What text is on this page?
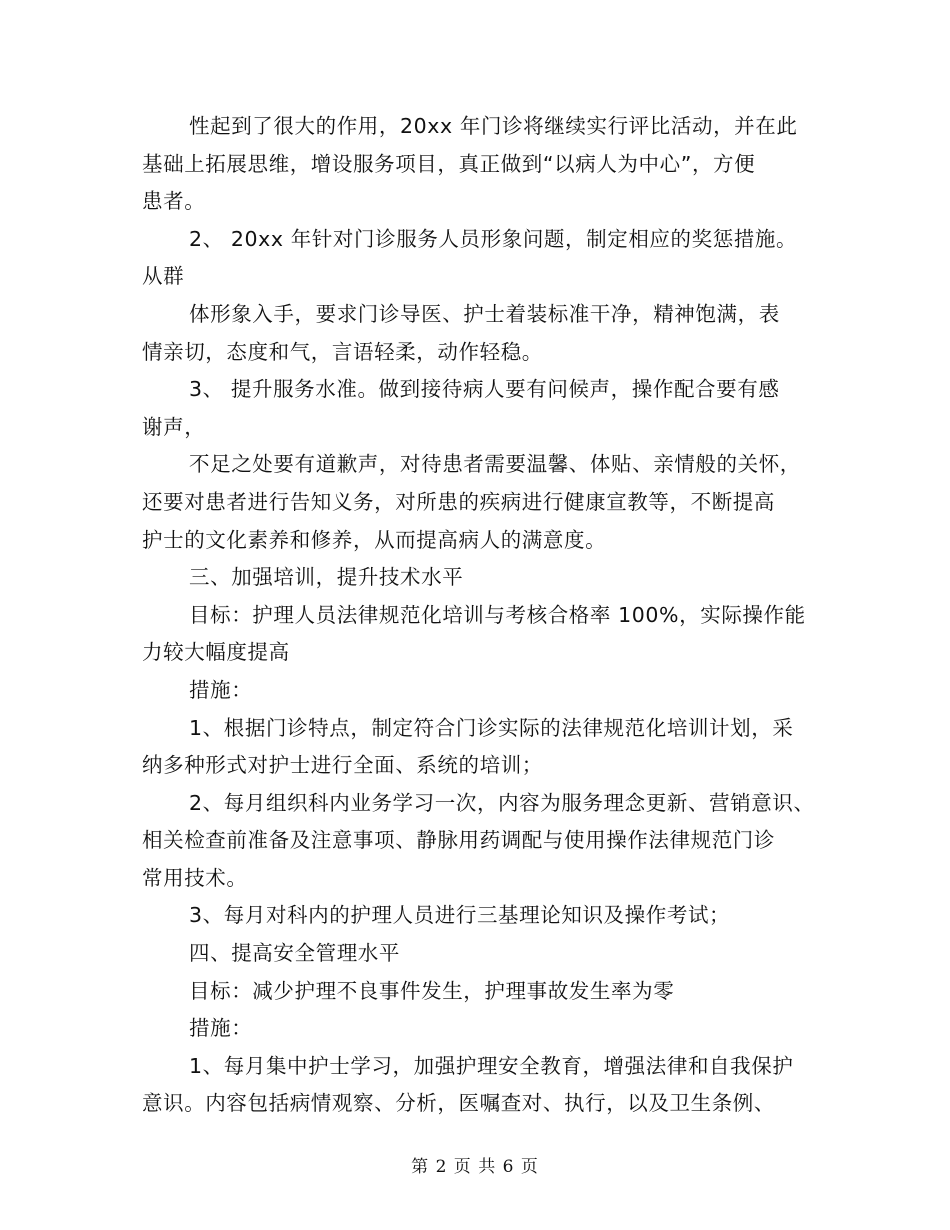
性起到了很大的作用，20xx 年门诊将继续实行评比活动，并在此
基础上拓展思维，增设服务项目，真正做到“以病人为中心”，方便
患者。
2、 20xx 年针对门诊服务人员形象问题，制定相应的奖惩措施。
从群
体形象入手，要求门诊导医、护士着装标准干净，精神饱满，表
情亲切，态度和气，言语轻柔，动作轻稳。
3、 提升服务水准。做到接待病人要有问候声，操作配合要有感
谢声，
不足之处要有道歉声，对待患者需要温馨、体贴、亲情般的关怀，
还要对患者进行告知义务，对所患的疾病进行健康宣教等，不断提高
护士的文化素养和修养，从而提高病人的满意度。
三、加强培训，提升技术水平
目标：护理人员法律规范化培训与考核合格率 100%，实际操作能
力较大幅度提高
措施：
1、根据门诊特点，制定符合门诊实际的法律规范化培训计划，采
纳多种形式对护士进行全面、系统的培训；
2、每月组织科内业务学习一次，内容为服务理念更新、营销意识、
相关检查前准备及注意事项、静脉用药调配与使用操作法律规范门诊
常用技术。
3、每月对科内的护理人员进行三基理论知识及操作考试；
四、提高安全管理水平
目标：减少护理不良事件发生，护理事故发生率为零
措施：
1、每月集中护士学习，加强护理安全教育，增强法律和自我保护
意识。内容包括病情观察、分析，医嘱查对、执行，以及卫生条例、
第 2 页 共 6 页
